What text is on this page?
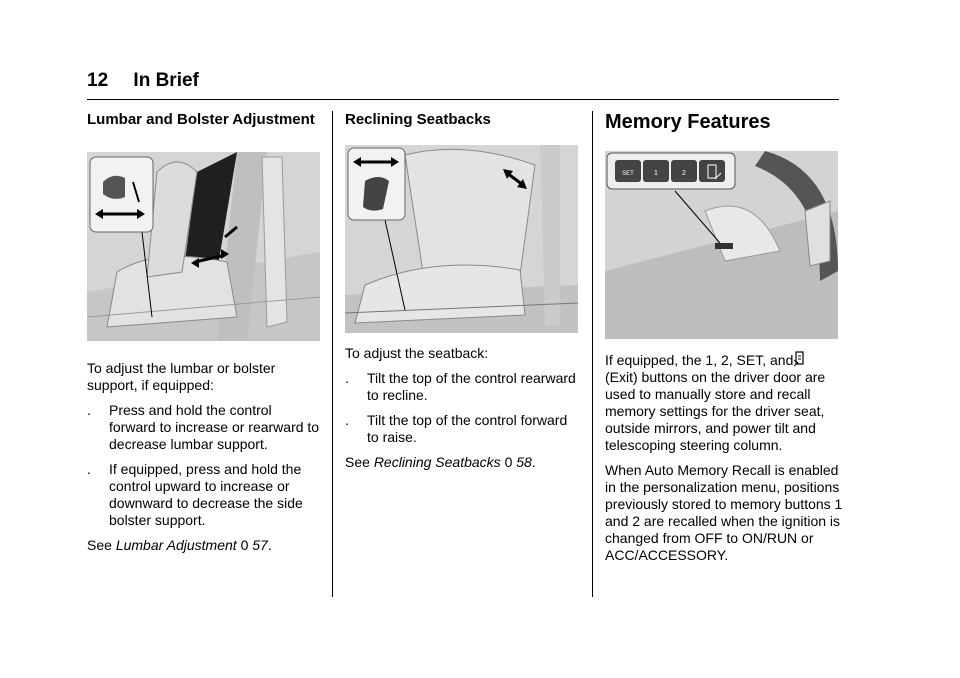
12 In Brief
Lumbar and Bolster Adjustment

To adjust the lumbar or bolster support, if equipped:

.	Press and hold the control forward to increase or rearward to decrease lumbar support.
.	If equipped, press and hold the control upward to increase or downward to decrease the side bolster support.

See Lumbar Adjustment 0 57.

Reclining Seatbacks

To adjust the seatback:

.	Tilt the top of the control rearward to recline.
.	Tilt the top of the control forward to raise.

See Reclining Seatbacks 0 58.

Memory Features
SET	1	2

If equipped, the 1, 2, SET, and
(Exit) buttons on the driver door are used to manually store and recall memory settings for the driver seat, outside mirrors, and power tilt and telescoping steering column.

When Auto Memory Recall is enabled in the personalization menu, positions previously stored to memory buttons 1 and 2 are recalled when the ignition is changed from OFF to ON/RUN or ACC/ACCESSORY.
